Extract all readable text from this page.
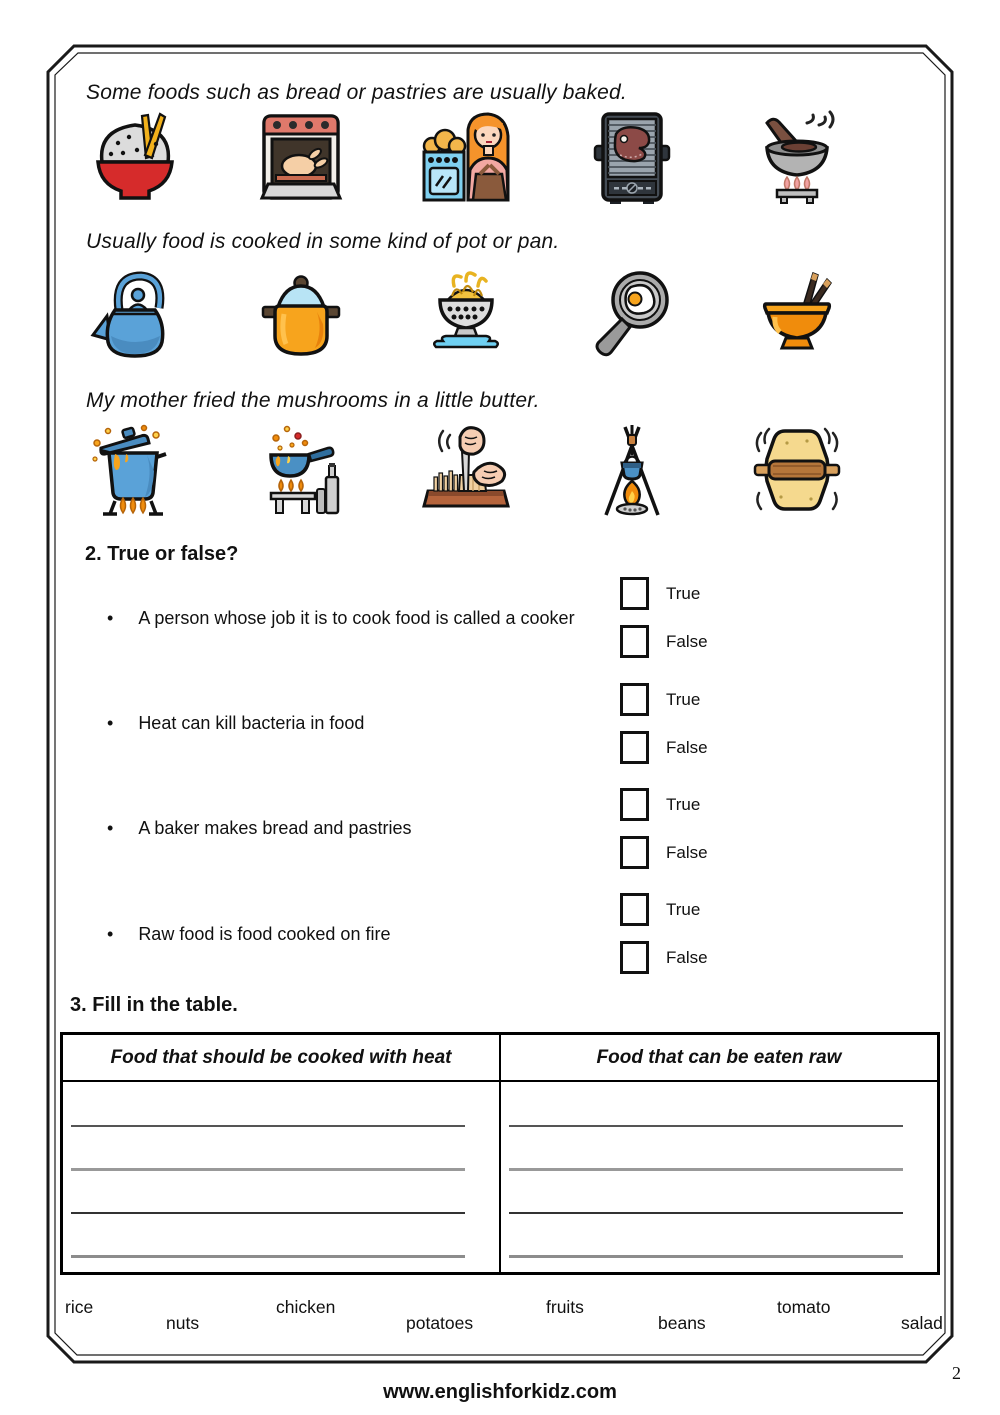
Some foods such as bread or pastries are usually baked.
Usually food is cooked in some kind of pot or pan.
My mother fried the mushrooms in a little butter.
2. True or false?
• A person whose job it is to cook food is called a cooker
True
False
• Heat can kill bacteria in food
True
False
• A baker makes bread and pastries
True
False
• Raw food is food cooked on fire
True
False
3. Fill in the table.
Food that should be cooked with heat	Food that can be eaten raw
rice
nuts
chicken
potatoes
fruits
beans
tomato
salad
www.englishforkidz.com
2
